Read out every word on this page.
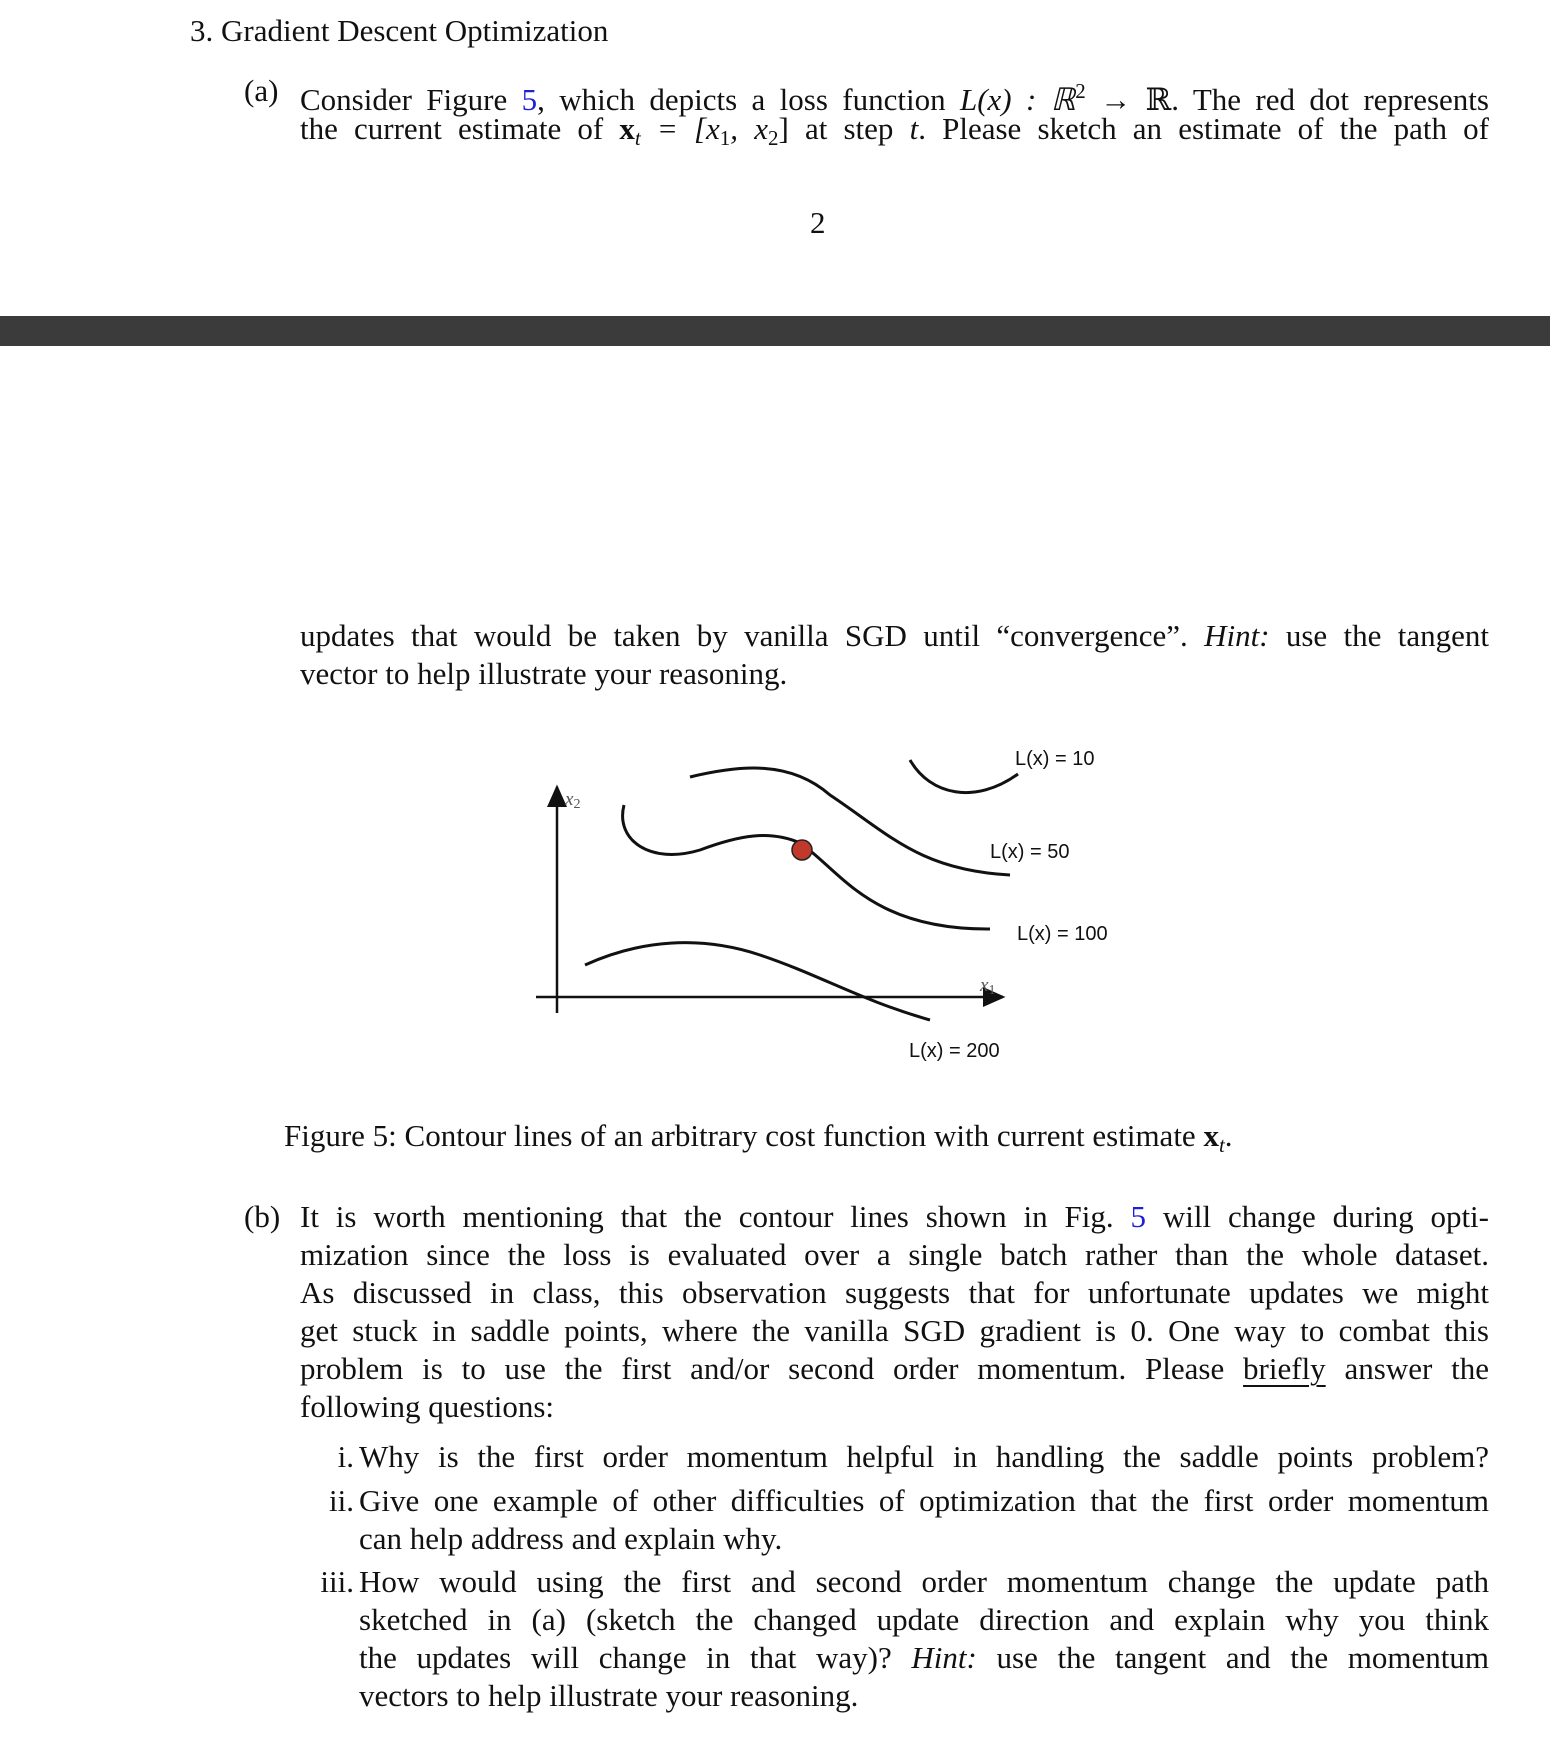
3. Gradient Descent Optimization
(a) Consider Figure 5, which depicts a loss function L(x) : ℝ$^2$ → ℝ. The red dot represents
the current estimate of $x_t = [x_1$, $x_2$] at step t. Please sketch an estimate of the path of
2
updates that would be taken by vanilla SGD until “convergence”. Hint: use the tangent
vector to help illustrate your reasoning.
L(x) = 10
L(x) = 50
L(x) = 100
L(x) = 200
x2
x1
Figure 5: Contour lines of an arbitrary cost function with current estimate $x_t$.
(b) It is worth mentioning that the contour lines shown in Fig. 5 will change during opti-
mization since the loss is evaluated over a single batch rather than the whole dataset.
As discussed in class, this observation suggests that for unfortunate updates we might
get stuck in saddle points, where the vanilla SGD gradient is 0. One way to combat this
problem is to use the first and/or second order momentum. Please briefly answer the
following questions:
i. Why is the first order momentum helpful in handling the saddle points problem?
ii. Give one example of other difficulties of optimization that the first order momentum
can help address and explain why.
iii. How would using the first and second order momentum change the update path
sketched in (a) (sketch the changed update direction and explain why you think
the updates will change in that way)? Hint: use the tangent and the momentum
vectors to help illustrate your reasoning.
